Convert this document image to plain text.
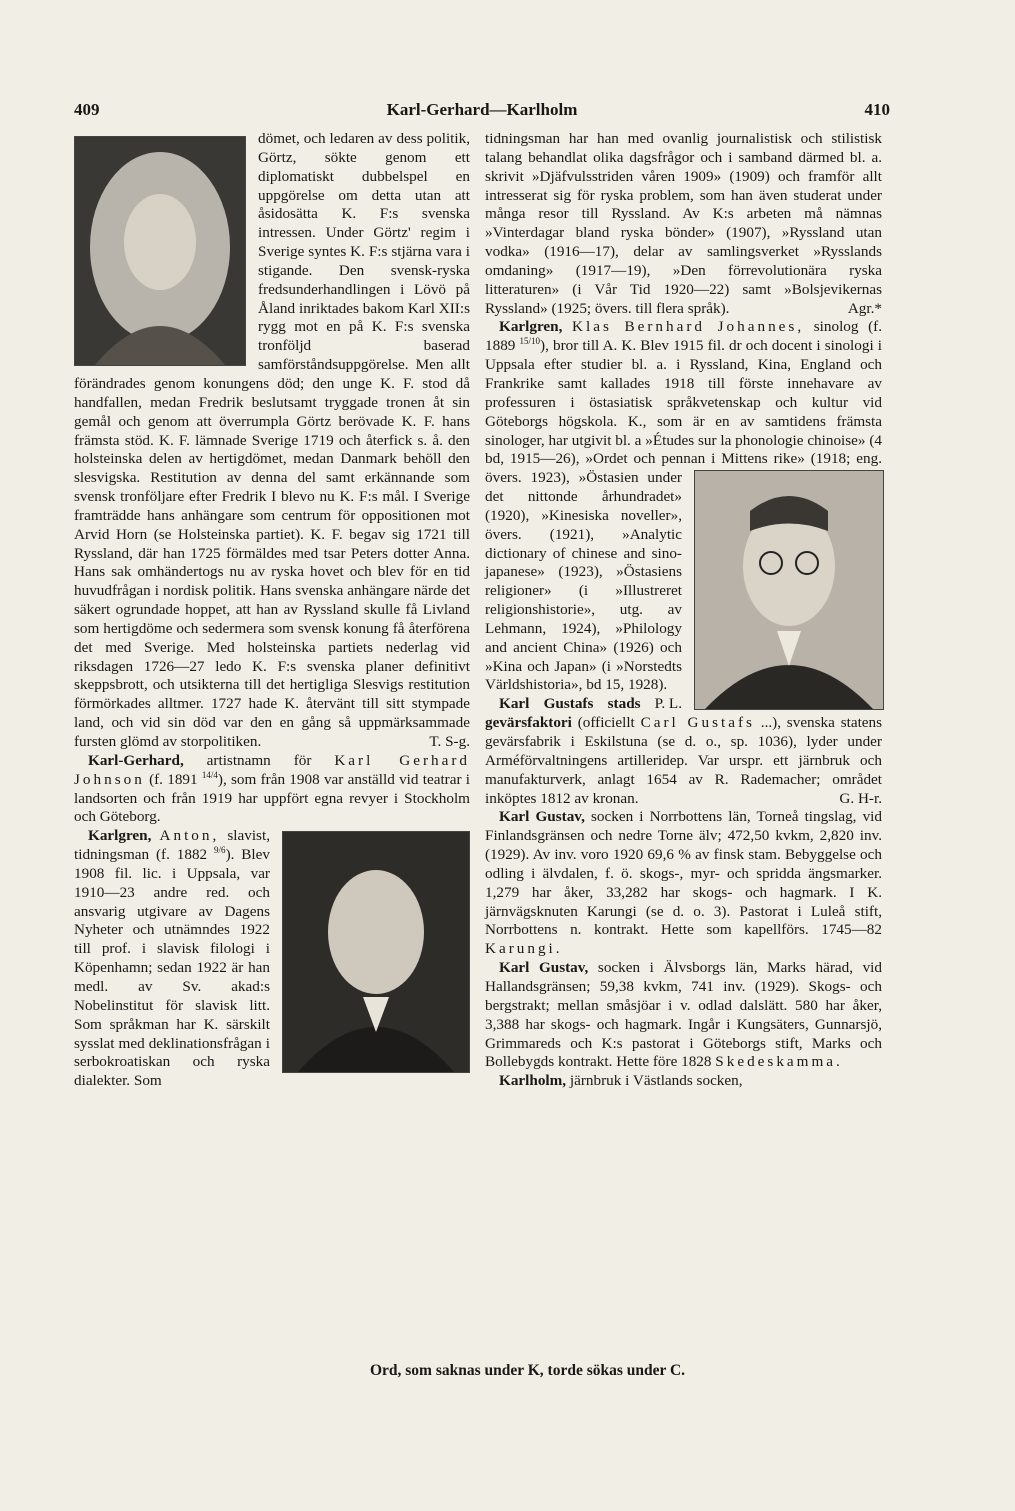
409	Karl-Gerhard—Karlholm	410

dömet, och ledaren av dess politik, Görtz, sökte genom ett diplomatiskt dubbelspel en uppgörelse om detta utan att åsidosätta K. F:s svenska intressen. Under Görtz' regim i Sverige syntes K. F:s stjärna vara i stigande. Den svensk-ryska fredsunderhandlingen i Lövö på Åland inriktades bakom Karl XII:s rygg mot en på K. F:s svenska tronföljd baserad samförståndsuppgörelse. Men allt förändrades genom konungens död; den unge K. F. stod då handfallen, medan Fredrik beslutsamt tryggade tronen åt sin gemål och genom att överrumpla Görtz berövade K. F. hans främsta stöd. K. F. lämnade Sverige 1719 och återfick s. å. den holsteinska delen av hertigdömet, medan Danmark behöll den slesvigska. Restitution av denna del samt erkännande som svensk tronföljare efter Fredrik I blevo nu K. F:s mål. I Sverige framträdde hans anhängare som centrum för oppositionen mot Arvid Horn (se Holsteinska partiet). K. F. begav sig 1721 till Ryssland, där han 1725 förmäldes med tsar Peters dotter Anna. Hans sak omhändertogs nu av ryska hovet och blev för en tid huvudfrågan i nordisk politik. Hans svenska anhängare närde det säkert ogrundade hoppet, att han av Ryssland skulle få Livland som hertigdöme och sedermera som svensk konung få återförena det med Sverige. Med holsteinska partiets nederlag vid riksdagen 1726—27 ledo K. F:s svenska planer definitivt skeppsbrott, och utsikterna till det hertigliga Slesvigs restitution förmörkades alltmer. 1727 hade K. återvänt till sitt stympade land, och vid sin död var den en gång så uppmärksammade fursten glömd av storpolitiken.	T. S-g.

Karl-Gerhard, artistnamn för Karl Gerhard Johnson (f. 1891 $^{14/4}$), som från 1908 var anställd vid teatrar i landsorten och från 1919 har uppfört egna revyer i Stockholm och Göteborg.

Karlgren, Anton, slavist, tidningsman (f. 1882 $^{9/6}$). Blev 1908 fil. lic. i Uppsala, var 1910—23 andre red. och ansvarig utgivare av Dagens Nyheter och utnämndes 1922 till prof. i slavisk filologi i Köpenhamn; sedan 1922 är han medl. av Sv. akad:s Nobelinstitut för slavisk litt. Som språkman har K. särskilt sysslat med deklinationsfrågan i serbokroatiskan och ryska dialekter. Som

tidningsman har han med ovanlig journalistisk och stilistisk talang behandlat olika dagsfrågor och i samband därmed bl. a. skrivit »Djäfvulsstriden våren 1909» (1909) och framför allt intresserat sig för ryska problem, som han även studerat under många resor till Ryssland. Av K:s arbeten må nämnas »Vinterdagar bland ryska bönder» (1907), »Ryssland utan vodka» (1916—17), delar av samlingsverket »Rysslands omdaning» (1917—19), »Den förrevolutionära ryska litteraturen» (i Vår Tid 1920—22) samt »Bolsjevikernas Ryssland» (1925; övers. till flera språk).	Agr.*

Karlgren, Klas Bernhard Johannes, sinolog (f. 1889 $^{15/10}$), bror till A. K. Blev 1915 fil. dr och docent i sinologi i Uppsala efter studier bl. a. i Ryssland, Kina, England och Frankrike samt kallades 1918 till förste innehavare av professuren i östasiatisk språkvetenskap och kultur vid Göteborgs högskola. K., som är en av samtidens främsta sinologer, har utgivit bl. a »Études sur la phonologie chinoise» (4 bd, 1915—26), »Ordet och pennan i Mittens rike» (1918; eng. övers. 1923), »Östasien under det nittonde århundradet» (1920), »Kinesiska noveller», övers. (1921), »Analytic dictionary of chinese and sino-japanese» (1923), »Östasiens religioner» (i »Illustreret religionshistorie», utg. av Lehmann, 1924), »Philology and ancient China» (1926) och »Kina och Japan» (i »Norstedts Världshistoria», bd 15, 1928).
P. L.

Karl Gustafs stads gevärsfaktori (officiellt Carl Gustafs ...), svenska statens gevärsfabrik i Eskilstuna (se d. o., sp. 1036), lyder under Arméförvaltningens artilleridep. Var urspr. ett järnbruk och manufakturverk, anlagt 1654 av R. Rademacher; området inköptes 1812 av kronan.	G. H-r.

Karl Gustav, socken i Norrbottens län, Torneå tingslag, vid Finlandsgränsen och nedre Torne älv; 472,50 kvkm, 2,820 inv. (1929). Av inv. voro 1920 69,6 % av finsk stam. Bebyggelse och odling i älvdalen, f. ö. skogs-, myr- och spridda ängsmarker. 1,279 har åker, 33,282 har skogs- och hagmark. I K. järnvägsknuten Karungi (se d. o. 3). Pastorat i Luleå stift, Norrbottens n. kontrakt. Hette som kapellförs. 1745—82 Karungi.

Karl Gustav, socken i Älvsborgs län, Marks härad, vid Hallandsgränsen; 59,38 kvkm, 741 inv. (1929). Skogs- och bergstrakt; mellan småsjöar i v. odlad dalslätt. 580 har åker, 3,388 har skogs- och hagmark. Ingår i Kungsäters, Gunnarsjö, Grimmareds och K:s pastorat i Göteborgs stift, Marks och Bollebygds kontrakt. Hette före 1828 Skedeskamma.

Karlholm, järnbruk i Västlands socken,

Ord, som saknas under K, torde sökas under C.
